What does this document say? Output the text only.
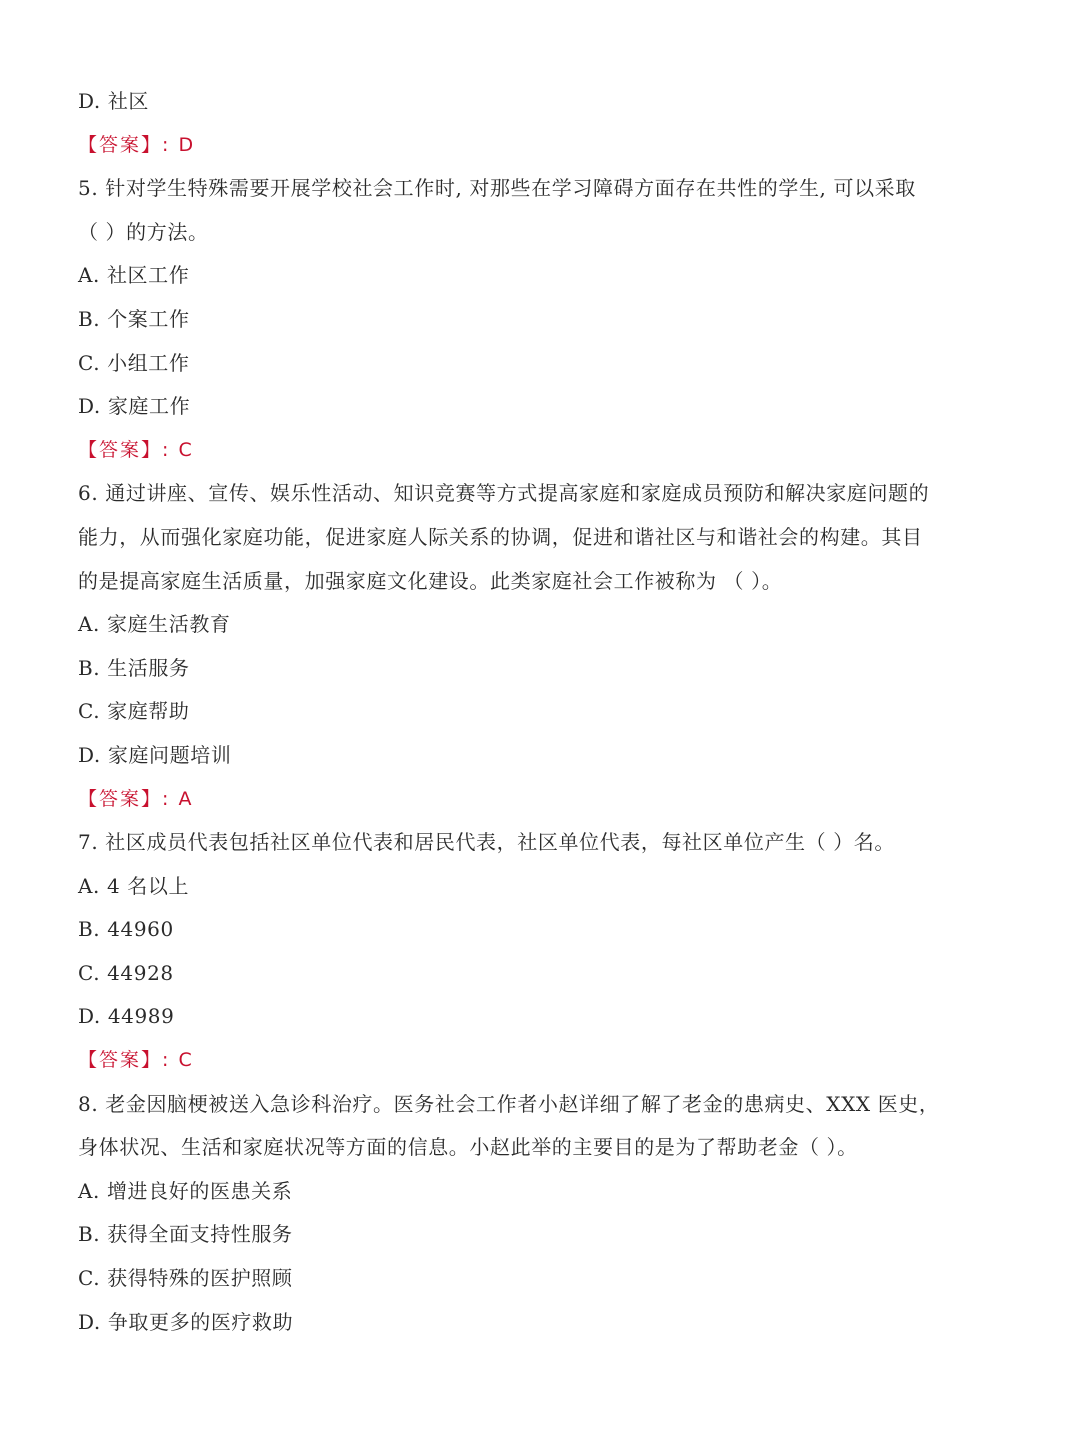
D. 社区
【答案】: D
5. 针对学生特殊需要开展学校社会工作时, 对那些在学习障碍方面存在共性的学生, 可以采取
（ ）的方法。
A. 社区工作
B. 个案工作
C. 小组工作
D. 家庭工作
【答案】: C
6. 通过讲座、宣传、娱乐性活动、知识竞赛等方式提高家庭和家庭成员预防和解决家庭问题的
能力，从而强化家庭功能，促进家庭人际关系的协调，促进和谐社区与和谐社会的构建。其目
的是提高家庭生活质量，加强家庭文化建设。此类家庭社会工作被称为 （ ）。
A. 家庭生活教育
B. 生活服务
C. 家庭帮助
D. 家庭问题培训
【答案】: A
7. 社区成员代表包括社区单位代表和居民代表，社区单位代表，每社区单位产生（ ）名。
A. 4 名以上
B. 44960
C. 44928
D. 44989
【答案】: C
8. 老金因脑梗被送入急诊科治疗。医务社会工作者小赵详细了解了老金的患病史、XXX 医史，
身体状况、生活和家庭状况等方面的信息。小赵此举的主要目的是为了帮助老金（ ）。
A. 增进良好的医患关系
B. 获得全面支持性服务
C. 获得特殊的医护照顾
D. 争取更多的医疗救助
